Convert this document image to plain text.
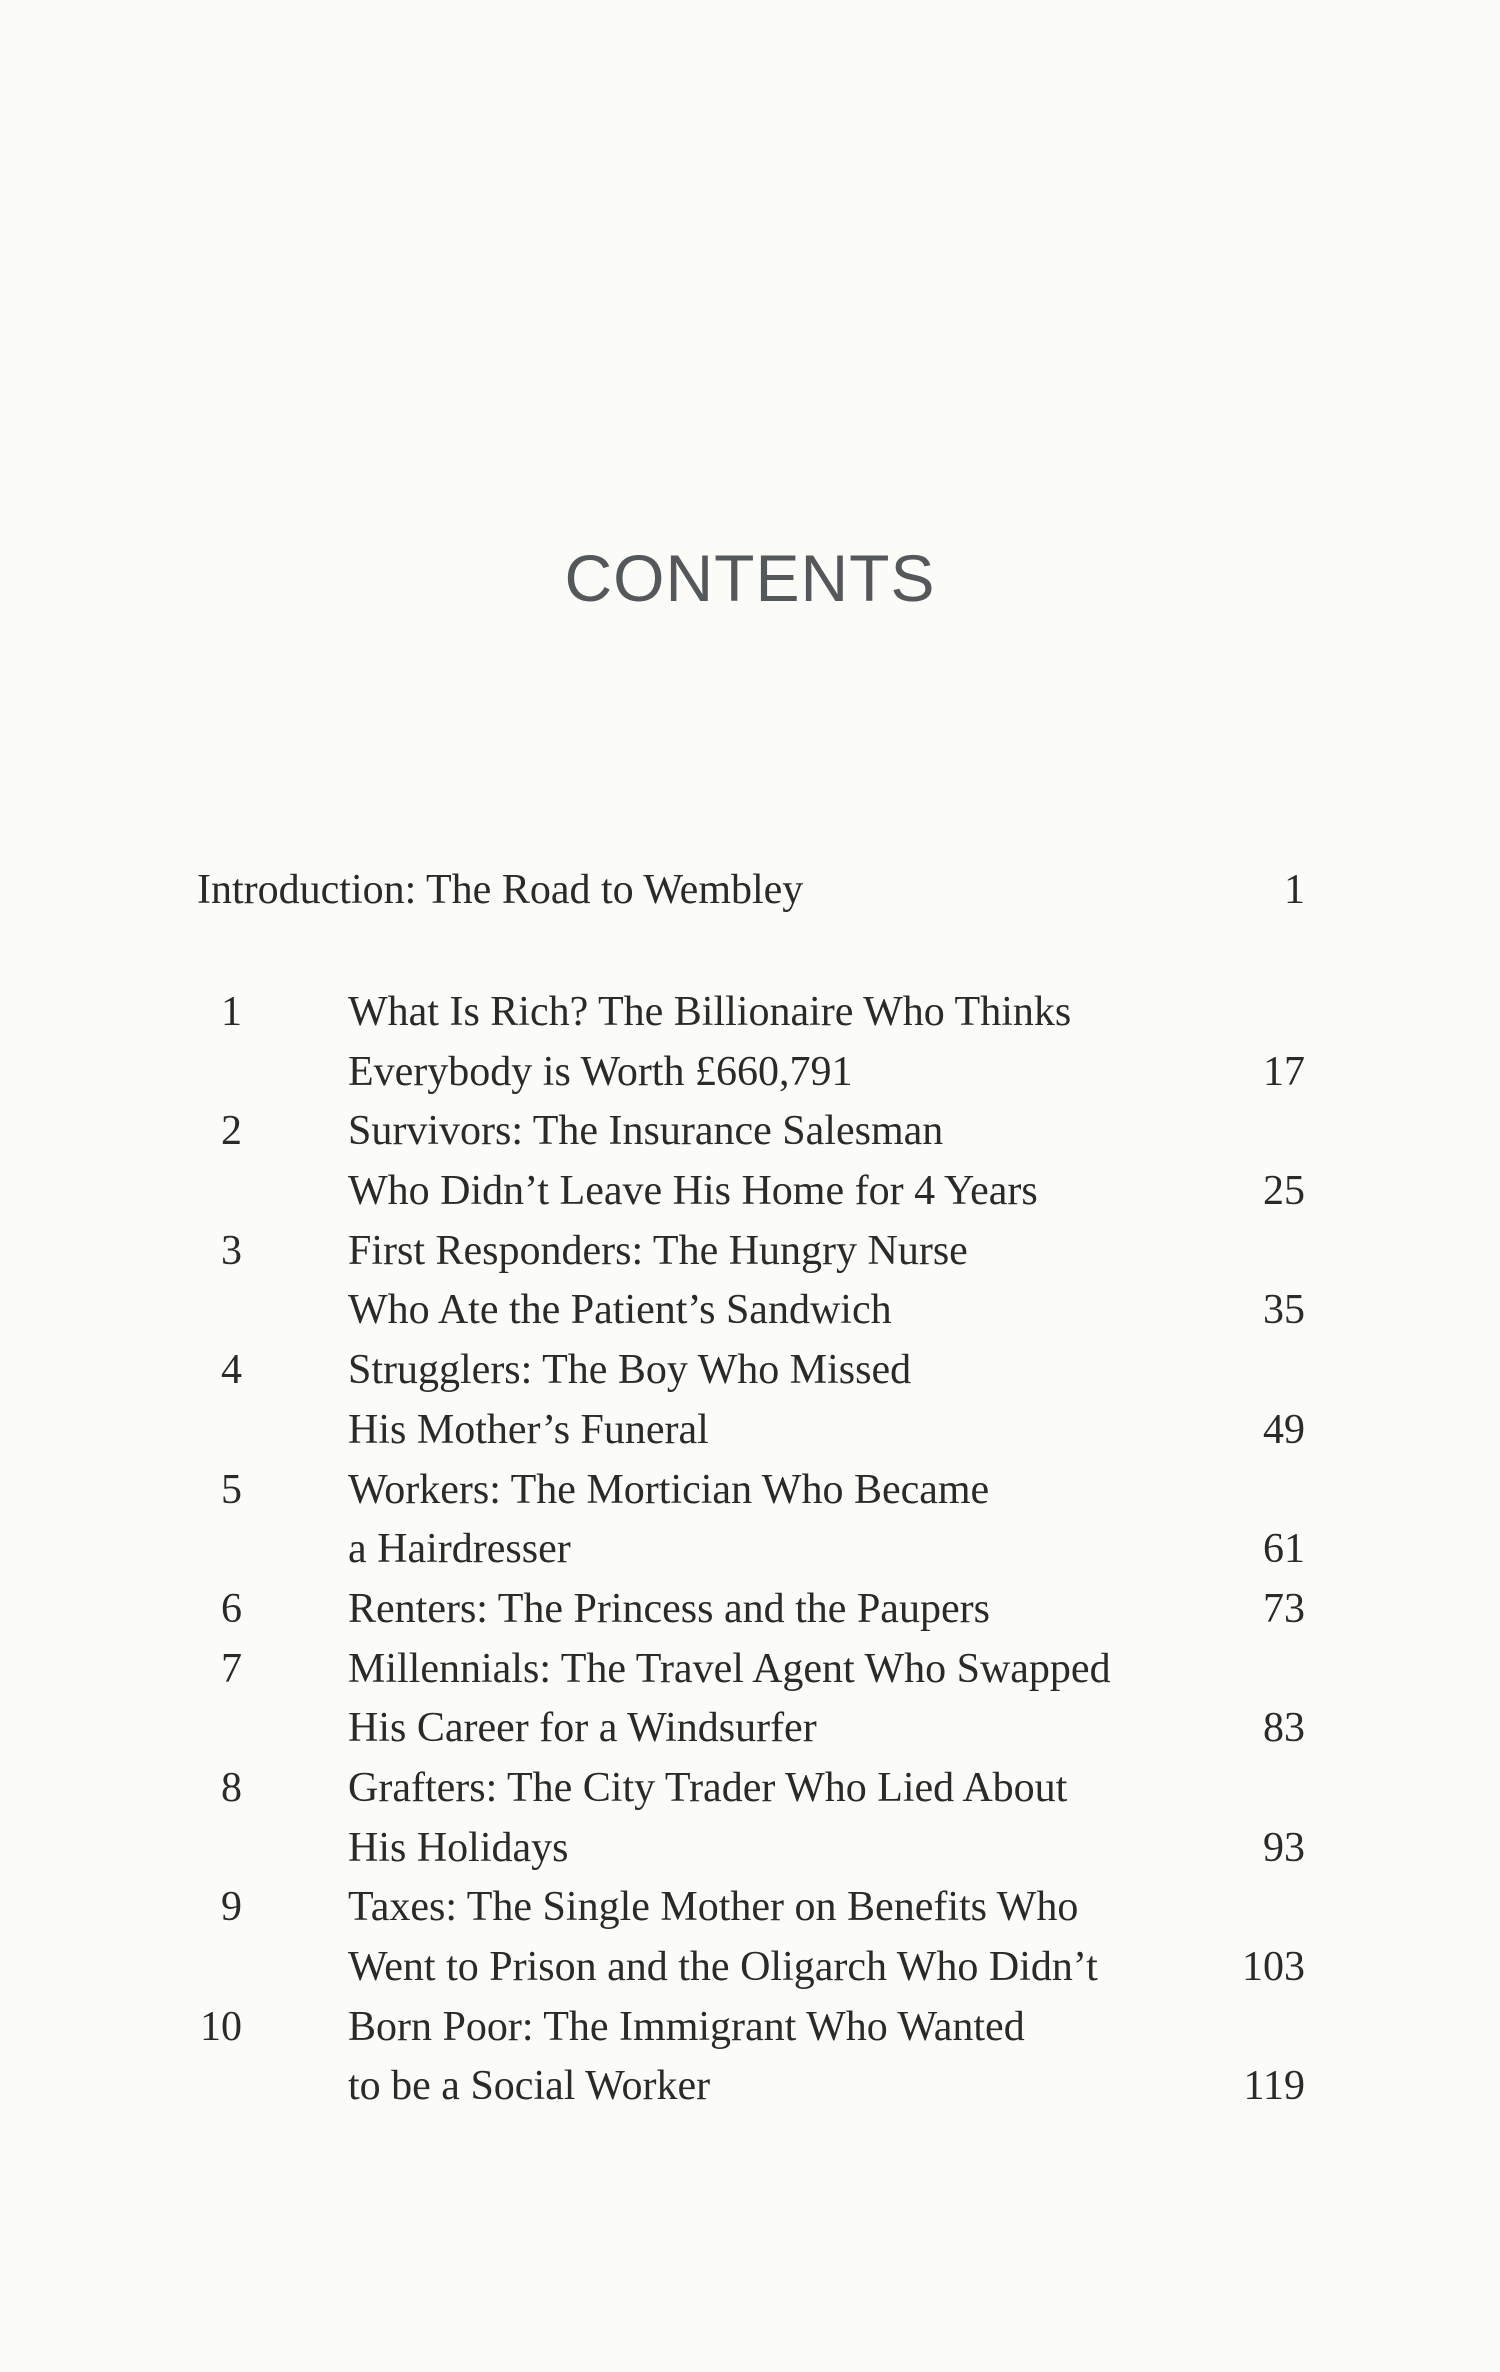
CONTENTS
Introduction: The Road to Wembley	1
1	What Is Rich? The Billionaire Who Thinks
Everybody is Worth £660,791	17
2	Survivors: The Insurance Salesman
Who Didn’t Leave His Home for 4 Years	25
3	First Responders: The Hungry Nurse
Who Ate the Patient’s Sandwich	35
4	Strugglers: The Boy Who Missed
His Mother’s Funeral	49
5	Workers: The Mortician Who Became
a Hairdresser	61
6	Renters: The Princess and the Paupers	73
7	Millennials: The Travel Agent Who Swapped
His Career for a Windsurfer	83
8	Grafters: The City Trader Who Lied About
His Holidays	93
9	Taxes: The Single Mother on Benefits Who
Went to Prison and the Oligarch Who Didn’t	103
10	Born Poor: The Immigrant Who Wanted
to be a Social Worker	119
